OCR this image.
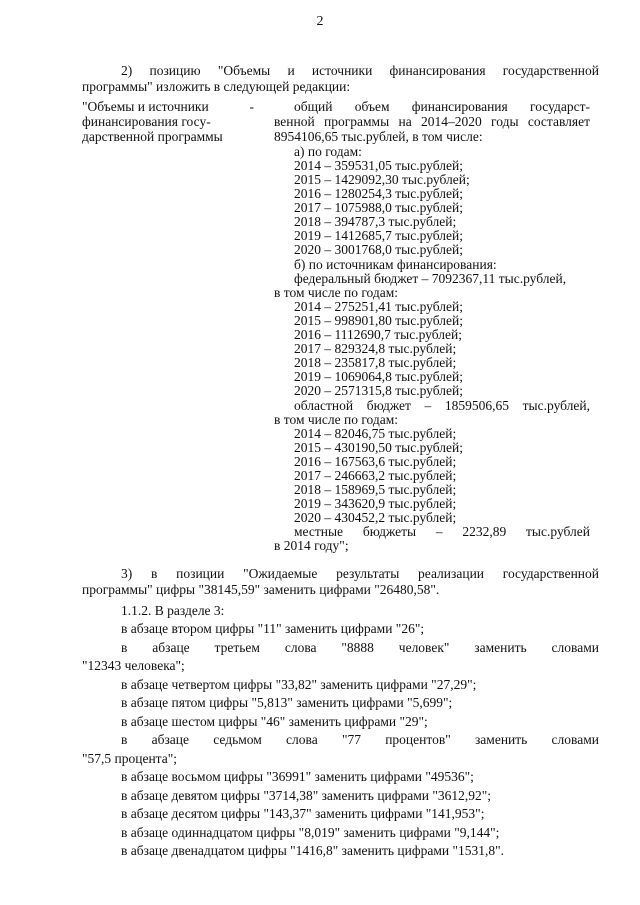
2
2) позицию "Объемы и источники финансирования государственной
программы" изложить в следующей редакции:
"Объемы и источники	-
финансирования госу-
дарственной программы
общий объем финансирования государст-
венной программы на 2014–2020 годы составляет
8954106,65 тыс.рублей, в том числе:
а) по годам:
2014 – 359531,05 тыс.рублей;
2015 – 1429092,30 тыс.рублей;
2016 – 1280254,3 тыс.рублей;
2017 – 1075988,0 тыс.рублей;
2018 – 394787,3 тыс.рублей;
2019 – 1412685,7 тыс.рублей;
2020 – 3001768,0 тыс.рублей;
б) по источникам финансирования:
федеральный бюджет – 7092367,11 тыс.рублей,
в том числе по годам:
2014 – 275251,41 тыс.рублей;
2015 – 998901,80 тыс.рублей;
2016 – 1112690,7 тыс.рублей;
2017 – 829324,8 тыс.рублей;
2018 – 235817,8 тыс.рублей;
2019 – 1069064,8 тыс.рублей;
2020 – 2571315,8 тыс.рублей;
областной бюджет – 1859506,65 тыс.рублей,
в том числе по годам:
2014 – 82046,75 тыс.рублей;
2015 – 430190,50 тыс.рублей;
2016 – 167563,6 тыс.рублей;
2017 – 246663,2 тыс.рублей;
2018 – 158969,5 тыс.рублей;
2019 – 343620,9 тыс.рублей;
2020 – 430452,2 тыс.рублей;
местные бюджеты – 2232,89 тыс.рублей
в 2014 году";
3) в позиции "Ожидаемые результаты реализации государственной
программы" цифры "38145,59" заменить цифрами "26480,58".
1.1.2. В разделе 3:
в абзаце втором цифры "11" заменить цифрами "26";
в абзаце третьем слова "8888 человек" заменить словами
"12343 человека";
в абзаце четвертом цифры "33,82" заменить цифрами "27,29";
в абзаце пятом цифры "5,813" заменить цифрами "5,699";
в абзаце шестом цифры "46" заменить цифрами "29";
в абзаце седьмом слова "77 процентов" заменить словами
"57,5 процента";
в абзаце восьмом цифры "36991" заменить цифрами "49536";
в абзаце девятом цифры "3714,38" заменить цифрами "3612,92";
в абзаце десятом цифры "143,37" заменить цифрами "141,953";
в абзаце одиннадцатом цифры "8,019" заменить цифрами "9,144";
в абзаце двенадцатом цифры "1416,8" заменить цифрами "1531,8".
